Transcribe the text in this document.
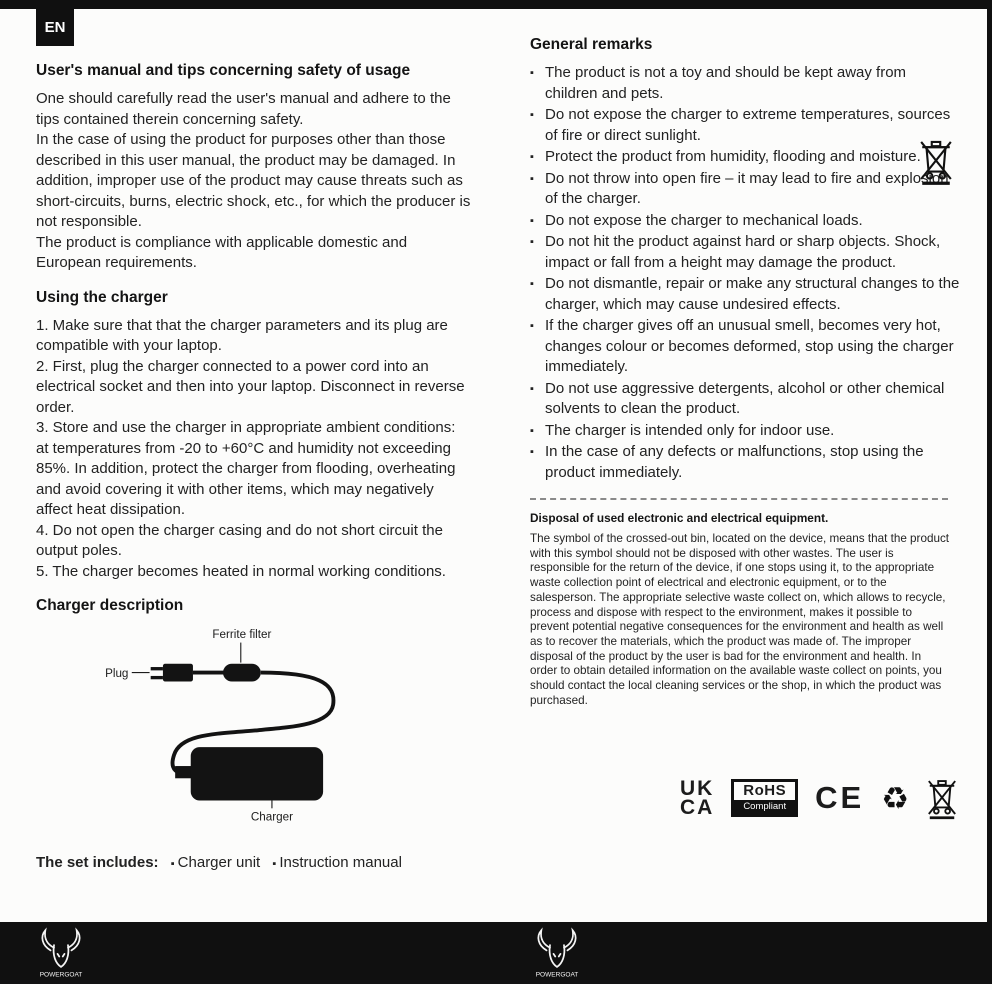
EN
User's manual and tips concerning safety of usage

One should carefully read the user's manual and adhere to the tips contained therein concerning safety.

In the case of using the product for purposes other than those described in this user manual, the product may be damaged. In addition, improper use of the product may cause threats such as short-circuits, burns, electric shock, etc., for which the producer is not responsible.

The product is compliance with applicable domestic and European requirements.

Using the charger
1. Make sure that that the charger parameters and its plug are compatible with your laptop.
2. First, plug the charger connected to a power cord into an electrical socket and then into your laptop. Disconnect in reverse order.
3. Store and use the charger in appropriate ambient conditions: at temperatures from -20 to +60°C and humidity not exceeding 85%. In addition, protect the charger from flooding, overheating and avoid covering it with other items, which may negatively affect heat dissipation.
4. Do not open the charger casing and do not short circuit the output poles.
5. The charger becomes heated in normal working conditions.
Charger description
Ferrite filter
Plug
Charger
The set includes: ▪ Charger unit ▪ Instruction manual
General remarks
▪ The product is not a toy and should be kept away from children and pets.
▪ Do not expose the charger to extreme temperatures, sources of fire or direct sunlight.
▪ Protect the product from humidity, flooding and moisture.
▪ Do not throw into open fire – it may lead to fire and explosion of the charger.
▪ Do not expose the charger to mechanical loads.
▪ Do not hit the product against hard or sharp objects. Shock, impact or fall from a height may damage the product.
▪ Do not dismantle, repair or make any structural changes to the charger, which may cause undesired effects.
▪ If the charger gives off an unusual smell, becomes very hot, changes colour or becomes deformed, stop using the charger immediately.
▪ Do not use aggressive detergents, alcohol or other chemical solvents to clean the product.
▪ The charger is intended only for indoor use.
▪ In the case of any defects or malfunctions, stop using the product immediately.
Disposal of used electronic and electrical equipment.

The symbol of the crossed-out bin, located on the device, means that the product with this symbol should not be disposed with other wastes. The user is responsible for the return of the device, if one stops using it, to the appropriate waste collection point of electrical and electronic equipment, or to the salesperson. The appropriate selective waste collect on, which allows to recycle, process and dispose with respect to the environment, makes it possible to prevent potential negative consequences for the environment and health as well as to recover the materials, which the product was made of. The improper disposal of the product by the user is bad for the environment and health. In order to obtain detailed information on the available waste collect on points, you should contact the local cleaning services or the shop, in which the product was purchased.

UK
CA
RoHS
Compliant CE ♻
POWERGOAT	POWERGOAT
